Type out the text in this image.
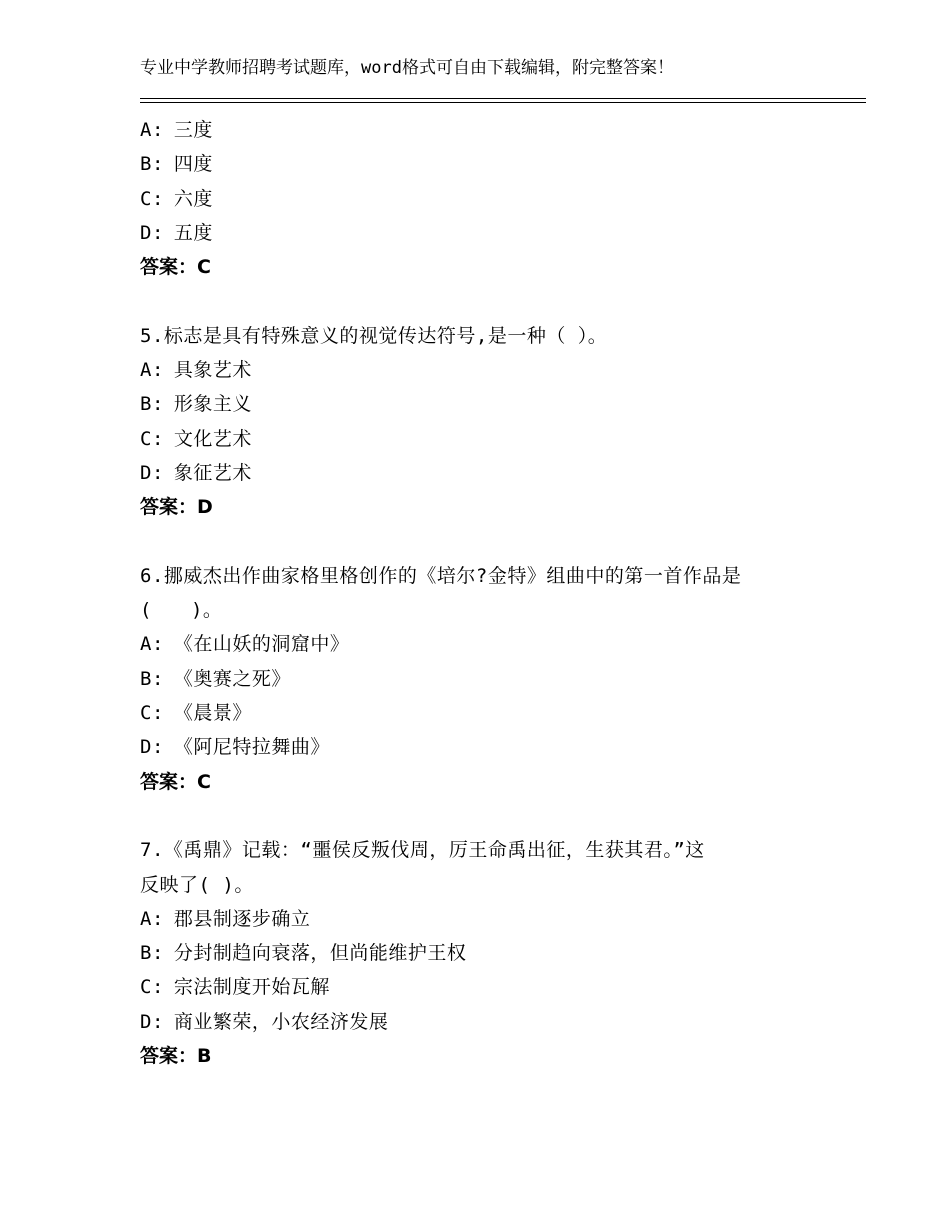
专业中学教师招聘考试题库，word格式可自由下载编辑，附完整答案！
A: 三度
B: 四度
C: 六度
D: 五度
答案：C
5.标志是具有特殊意义的视觉传达符号,是一种（ ）。
A: 具象艺术
B: 形象主义
C: 文化艺术
D: 象征艺术
答案：D
6.挪威杰出作曲家格里格创作的《培尔?金特》组曲中的第一首作品是
(　　)。
A: 《在山妖的洞窟中》
B: 《奥赛之死》
C: 《晨景》
D: 《阿尼特拉舞曲》
答案：C
7.《禹鼎》记载：“噩侯反叛伐周，厉王命禹出征，生获其君。”这
反映了( )。
A: 郡县制逐步确立
B: 分封制趋向衰落，但尚能维护王权
C: 宗法制度开始瓦解
D: 商业繁荣，小农经济发展
答案：B
